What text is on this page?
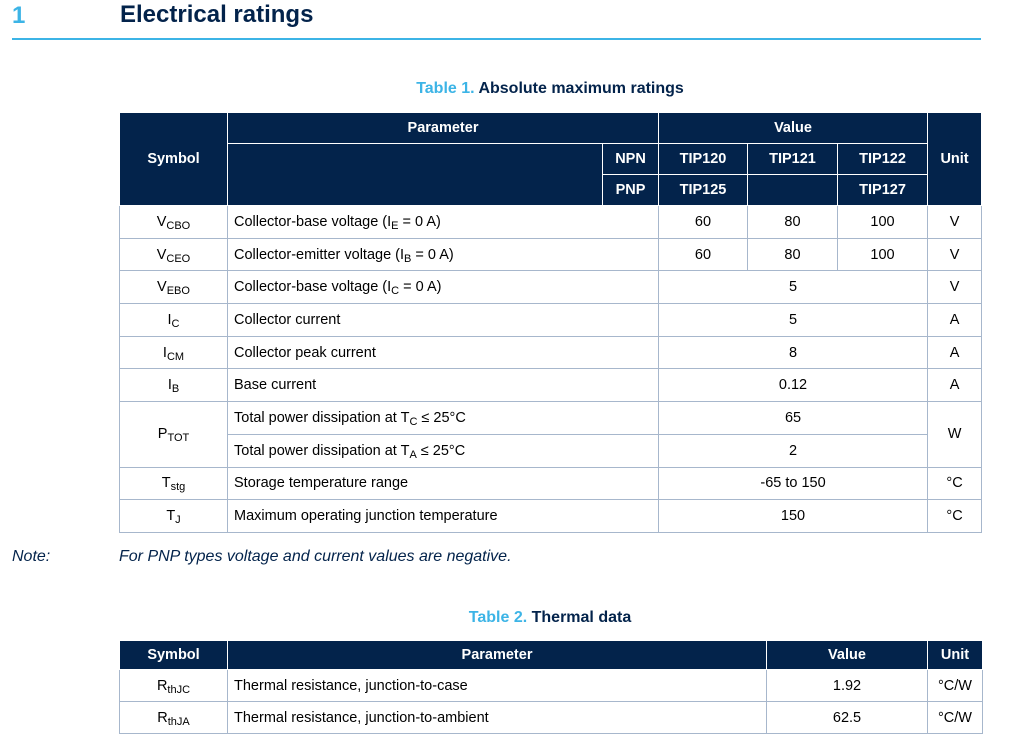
1	Electrical ratings
Table 1. Absolute maximum ratings
Symbol	Parameter		Value			Unit
		NPN	TIP120	TIP121	TIP122	
		PNP	TIP125		TIP127	
$V_{CBO}$	Collector-base voltage ($I_E = 0$ A)		60	80	100	V
$V_{CEO}$	Collector-emitter voltage ($I_B = 0$ A)		60	80	100	V
$V_{EBO}$	Collector-base voltage ($I_C = 0$ A)		5			V
$I_C$	Collector current		5			A
$I_{CM}$	Collector peak current		8			A
$I_B$	Base current		0.12			A
$P_{TOT}$	Total power dissipation at $T_C \le 25^\circ C$		65			W
	Total power dissipation at $T_A \le 25^\circ C$		2			
$T_{stg}$	Storage temperature range		-65 to 150			°C
$T_J$	Maximum operating junction temperature		150			°C
Note:	For PNP types voltage and current values are negative.
Table 2. Thermal data
Symbol	Parameter	Value	Unit
$R_{thJC}$	Thermal resistance, junction-to-case	1.92	°C/W
$R_{thJA}$	Thermal resistance, junction-to-ambient	62.5	°C/W
